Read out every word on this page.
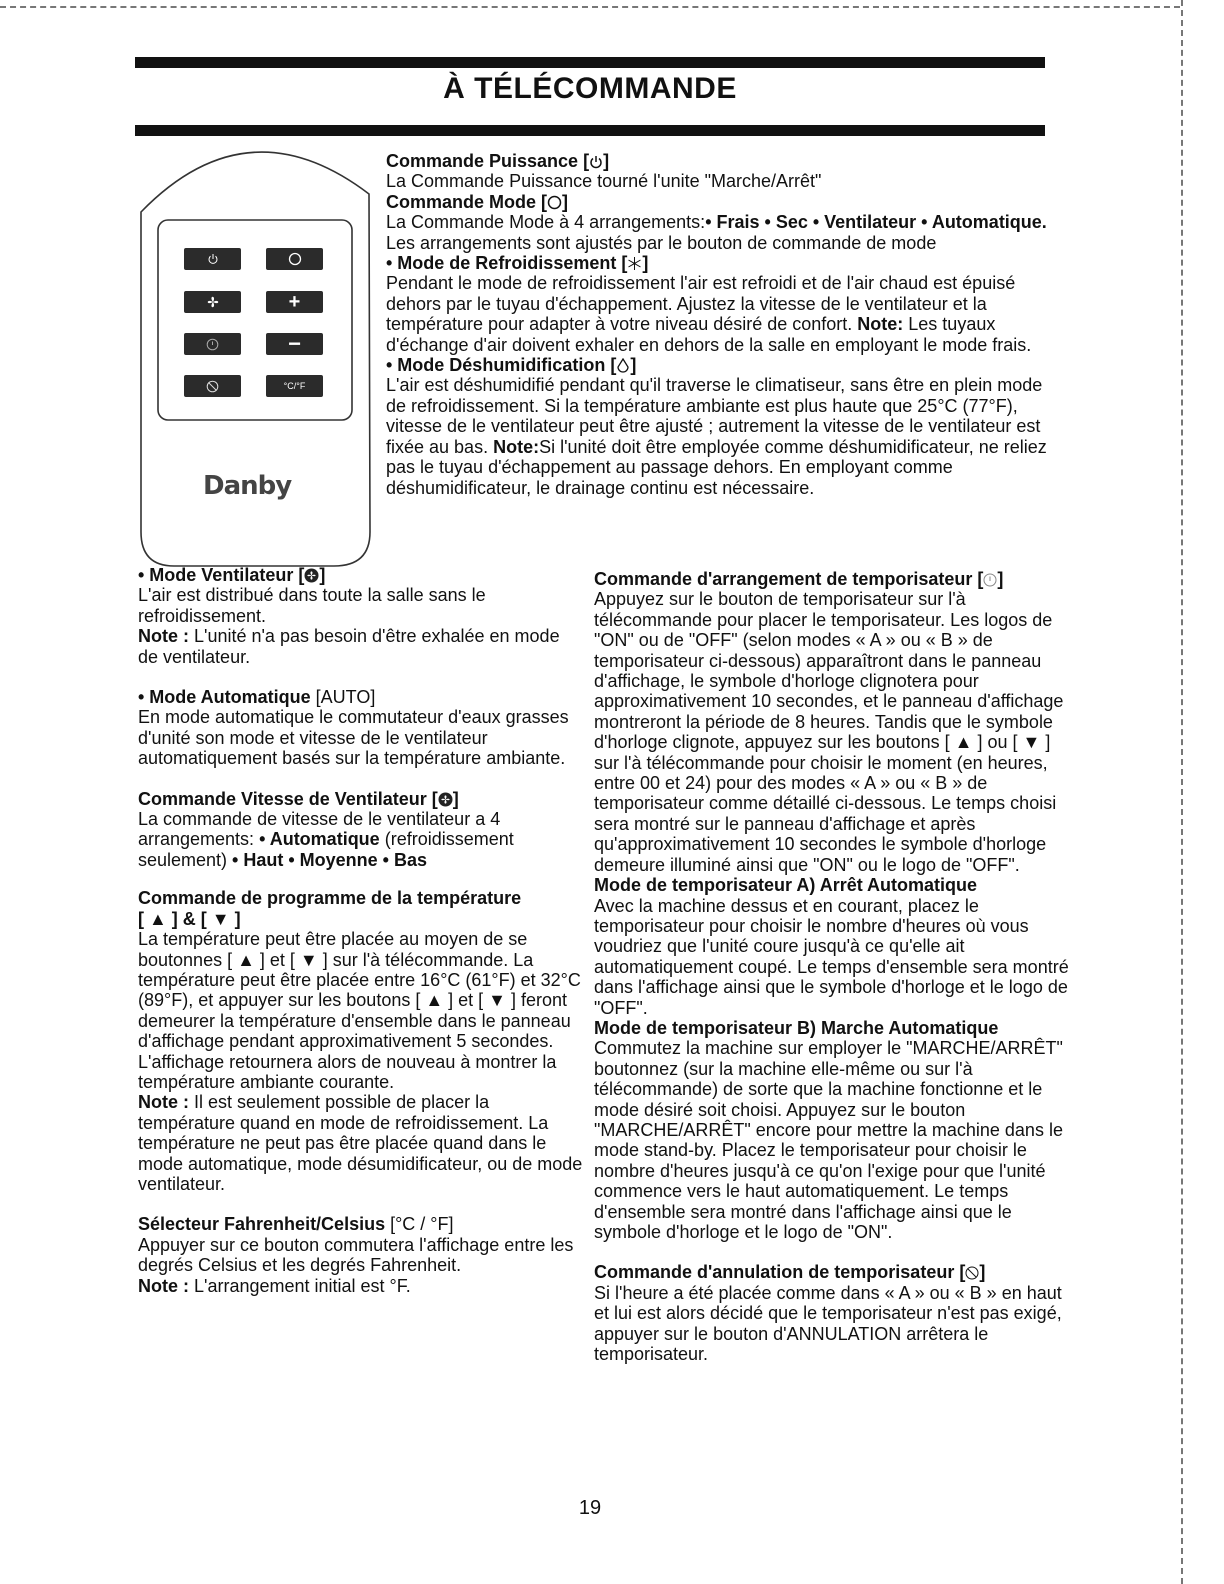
À TÉLÉCOMMANDE
+
−
°C/°F
Danby

Commande Puissance [ ]

La Commande Puissance tourné l'unite "Marche/Arrêt"

Commande Mode [ ]

La Commande Mode à 4 arrangements:• Frais • Sec • Ventilateur • Automatique. Les arrangements sont ajustés par le bouton de commande de mode

• Mode de Refroidissement [ ]

Pendant le mode de refroidissement l'air est refroidi et de l'air chaud est épuisé dehors par le tuyau d'échappement. Ajustez la vitesse de le ventilateur et la température pour adapter à votre niveau désiré de confort. Note: Les tuyaux d'échange d'air doivent exhaler en dehors de la salle en employant le mode frais.

• Mode Déshumidification [ ]

L'air est déshumidifié pendant qu'il traverse le climatiseur, sans être en plein mode de refroidissement. Si la température ambiante est plus haute que 25°C (77°F), vitesse de le ventilateur peut être ajusté ; autrement la vitesse de le ventilateur est fixée au bas. Note:Si l'unité doit être employée comme déshumidificateur, ne reliez pas le tuyau d'échappement au passage dehors. En employant comme déshumidificateur, le drainage continu est nécessaire.

• Mode Ventilateur [ ]

L'air est distribué dans toute la salle sans le refroidissement.

Note : L'unité n'a pas besoin d'être exhalée en mode de ventilateur.

• Mode Automatique [AUTO]

En mode automatique le commutateur d'eaux grasses d'unité son mode et vitesse de le ventilateur automatiquement basés sur la température ambiante.

Commande Vitesse de Ventilateur [ ]

La commande de vitesse de le ventilateur a 4 arrangements: • Automatique (refroidissement seulement) • Haut • Moyenne • Bas

Commande de programme de la température

[ ▲ ] & [ ▼ ]

La température peut être placée au moyen de se boutonnes [ ▲ ] et [ ▼ ] sur l'à télécommande. La température peut être placée entre 16°C (61°F) et 32°C (89°F), et appuyer sur les boutons [ ▲ ] et [ ▼ ] feront demeurer la température d'ensemble dans le panneau d'affichage pendant approximativement 5 secondes. L'affichage retournera alors de nouveau à montrer la température ambiante courante.

Note : Il est seulement possible de placer la température quand en mode de refroidissement. La température ne peut pas être placée quand dans le mode automatique, mode désumidificateur, ou de mode ventilateur.

Sélecteur Fahrenheit/Celsius [°C / °F]

Appuyer sur ce bouton commutera l'affichage entre les degrés Celsius et les degrés Fahrenheit.

Note : L'arrangement initial est °F.

Commande d'arrangement de temporisateur [ ]

Appuyez sur le bouton de temporisateur sur l'à télécommande pour placer le temporisateur. Les logos de "ON" ou de "OFF" (selon modes « A » ou « B » de temporisateur ci-dessous) apparaîtront dans le panneau d'affichage, le symbole d'horloge clignotera pour approximativement 10 secondes, et le panneau d'affichage montreront la période de 8 heures. Tandis que le symbole d'horloge clignote, appuyez sur les boutons [ ▲ ] ou [ ▼ ] sur l'à télécommande pour choisir le moment (en heures, entre 00 et 24) pour des modes « A » ou « B » de temporisateur comme détaillé ci-dessous. Le temps choisi sera montré sur le panneau d'affichage et après qu'approximativement 10 secondes le symbole d'horloge demeure illuminé ainsi que "ON" ou le logo de "OFF".

Mode de temporisateur A) Arrêt Automatique

Avec la machine dessus et en courant, placez le temporisateur pour choisir le nombre d'heures où vous voudriez que l'unité coure jusqu'à ce qu'elle ait automatiquement coupé. Le temps d'ensemble sera montré dans l'affichage ainsi que le symbole d'horloge et le logo de "OFF".

Mode de temporisateur B) Marche Automatique

Commutez la machine sur employer le "MARCHE/ARRÊT" boutonnez (sur la machine elle-même ou sur l'à télécommande) de sorte que la machine fonctionne et le mode désiré soit choisi. Appuyez sur le bouton "MARCHE/ARRÊT" encore pour mettre la machine dans le mode stand-by. Placez le temporisateur pour choisir le nombre d'heures jusqu'à ce qu'on l'exige pour que l'unité commence vers le haut automatiquement. Le temps d'ensemble sera montré dans l'affichage ainsi que le symbole d'horloge et le logo de "ON".

Commande d'annulation de temporisateur [ ]

Si l'heure a été placée comme dans « A » ou « B » en haut et lui est alors décidé que le temporisateur n'est pas exigé, appuyer sur le bouton d'ANNULATION arrêtera le temporisateur.

19
